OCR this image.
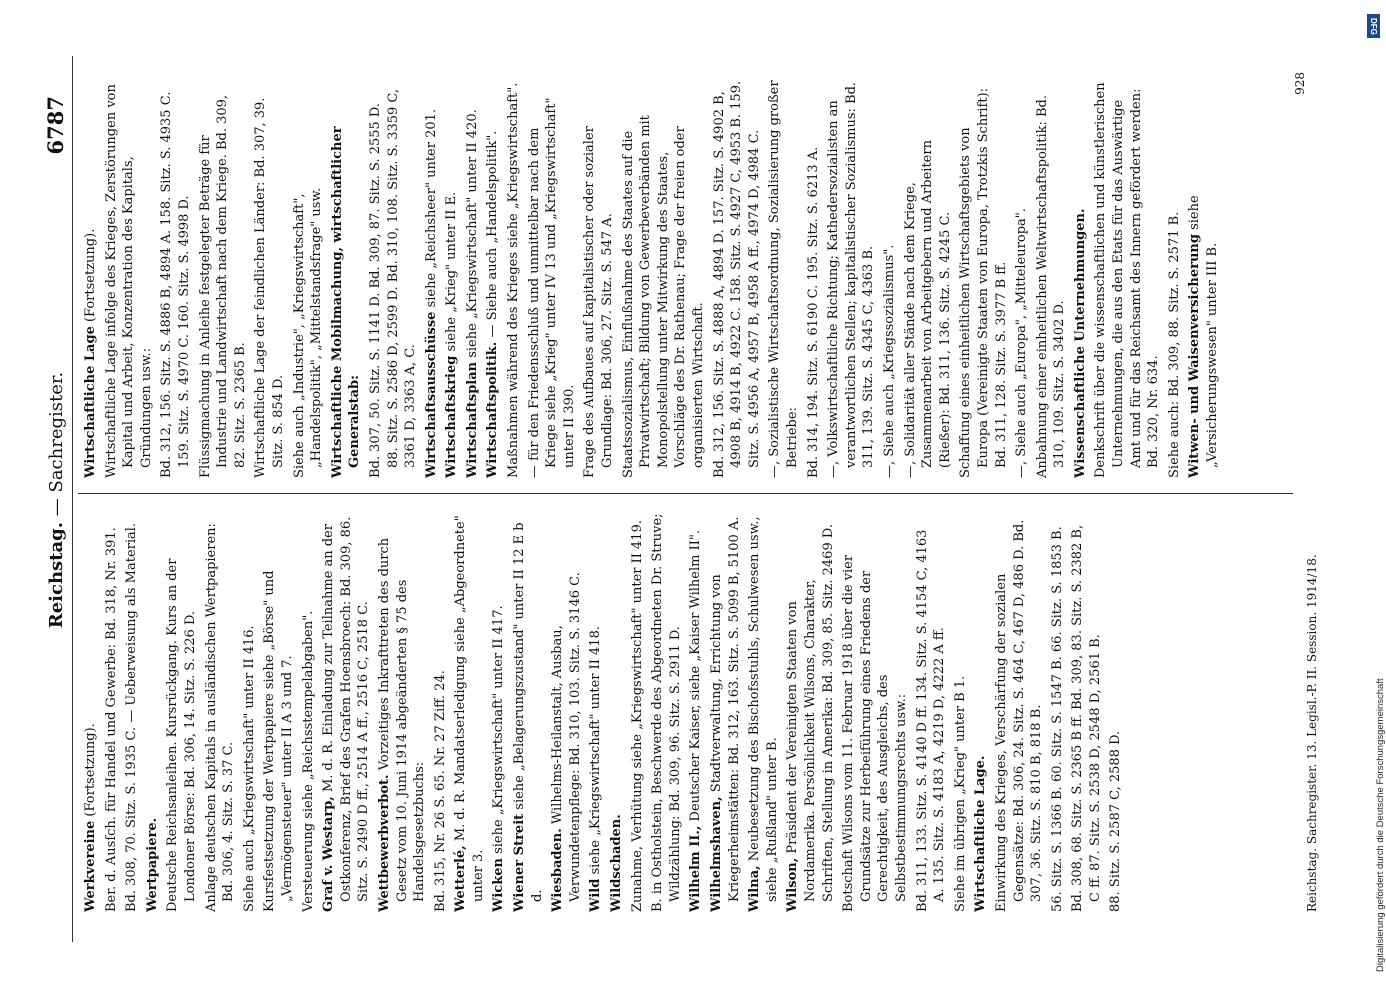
6787
Reichstag. — Sachregister.
Werkvereine (Fortsetzung). Ber. d. Ausſch. für Handel und Gewerbe: Bd. 318, Nr. 391. Bd. 308, 70. Sitz. S. 1935 C. — Ueberweisung als Material. Wertpapiere. Deutsche Reichsanleihen. Kursrückgang. Kurs an der Londoner Börse: Bd. 306, 14. Sitz. S. 226 D. Anlage deutschen Kapitals in ausländischen Wertpapieren: Bd. 306, 4. Sitz. S. 37 C. Siehe auch „Kriegswirtschaft" unter II 416. Kursfestsetzung der Wertpapiere siehe „Börse" und „Vermögensteuer" unter II A 3 und 7. Versteuerung siehe „Reichsstempelabgaben". Graf v. Westarp, M. d. R. Einladung zur Teilnahme an der Ostkonferenz, Brief des Grafen Hoensbroech: Bd. 309, 86. Sitz. S. 2490 D ff., 2514 A ff., 2516 C, 2518 C. Wettbewerbverbot. Vorzeitiges Inkrafttreten des durch Gesetz vom 10. Juni 1914 abgeänderten § 75 des Handelsgesetzbuchs: Bd. 315, Nr. 26 S. 65. Nr. 27 Ziff. 24. Wetterlé, M. d. R. Mandatserledigung siehe „Abgeordnete" unter 3. Wicken siehe „Kriegswirtschaft" unter II 417.
Wiener Streit siehe „Belagerungszustand" unter II 12 E b d. Wiesbaden. Wilhelms-Heilanstalt, Ausbau, Verwundetenpflege: Bd. 310, 103. Sitz. S. 3146 C. Wild siehe „Kriegswirtschaft" unter II 418. Wildschaden. Zunahme, Verhütung siehe „Kriegswirtschaft" unter II 419. B. in Ostholstein, Beschwerde des Abgeordneten Dr. Struve; Wildzählung: Bd. 309, 96. Sitz. S. 2911 D. Wilhelm II., Deutscher Kaiser, siehe „Kaiser Wilhelm II".
Wilhelmshaven, Stadtverwaltung, Errichtung von Kriegerheimstätten: Bd. 312, 163. Sitz. S. 5099 B, 5100 A. Wilna, Neubesetzung des Bischofsstuhls, Schulwesen usw., siehe „Rußland" unter B. Wilson, Präsident der Vereinigten Staaten von Nordamerika. Persönlichkeit Wilsons, Charakter, Schriften, Stellung in Amerika: Bd. 309, 85. Sitz. 2469 D. Botschaft Wilsons vom 11. Februar 1918 über die vier Grundsätze zur Herbeiführung eines Friedens der Gerechtigkeit, des Ausgleichs, des Selbstbestimmungsrechts usw.: Bd. 311, 133. Sitz. S. 4140 D ff. 134. Sitz. S. 4154 C, 4163 A. 135. Sitz. S. 4183 A, 4219 D, 4222 A ff. Siehe im übrigen „Krieg" unter B 1. Wirtschaftliche Lage. Einwirkung des Krieges, Verschärfung der sozialen Gegensätze: Bd. 306, 24. Sitz. S. 464 C, 467 D, 486 D. Bd. 307, 36. Sitz. S. 810 B, 818 B. 56. Sitz. S. 1366 B. 60. Sitz. S. 1547 B. 66. Sitz. S. 1853 B. Bd. 308, 68. Sitz. S. 2365 B ff. Bd. 309, 83. Sitz. S. 2382 B, C ff. 87. Sitz. S. 2538 D, 2548 D, 2561 B. 88. Sitz. S. 2587 C, 2588 D.
Wirtschaftliche Lage (Fortsetzung). Wirtschaftliche Lage infolge des Krieges, Zerstörungen von Kapital und Arbeit, Konzentration des Kapitals, Gründungen usw.: Bd. 312, 156. Sitz. S. 4886 B, 4894 A. 158. Sitz. S. 4935 C. 159. Sitz. S. 4970 C. 160. Sitz. S. 4998 D. Flüssigmachung in Anleihe festgelegter Beträge für Industrie und Landwirtschaft nach dem Kriege. Bd. 309, 82. Sitz. S. 2365 B. Wirtschaftliche Lage der feindlichen Länder: Bd. 307, 39. Sitz. S. 854 D. Siehe auch „Industrie", „Kriegswirtschaft", „Handelspolitik", „Mittelstandsfrage" usw. Wirtschaftliche Mobilmachung, wirtschaftlicher Generalstab: Bd. 307, 50. Sitz. S. 1141 D. Bd. 309, 87. Sitz. S. 2555 D. 88. Sitz. S. 2586 D, 2599 D. Bd. 310, 108. Sitz. S. 3359 C, 3361 D, 3363 A, C. Wirtschaftsausschüsse siehe „Reichsheer" unter 201.
Wirtschaftskrieg siehe „Krieg" unter II E.
Wirtschaftsplan siehe „Kriegswirtschaft" unter II 420.
Wirtschaftspolitik. — Siehe auch „Handelspolitik". Maßnahmen während des Krieges siehe „Kriegswirtschaft". — für den Friedensschluß und unmittelbar nach dem Kriege siehe „Krieg" unter IV 13 und „Kriegswirtschaft" unter II 390. Frage des Aufbaues auf kapitalistischer oder sozialer Grundlage: Bd. 306, 27. Sitz. S. 547 A. Staatssozialismus, Einflußnahme des Staates auf die Privatwirtschaft; Bildung von Gewerbeverbänden mit Monopolstellung unter Mitwirkung des Staates, Vorschläge des Dr. Rathenau; Frage der freien oder organisierten Wirtschaft. Bd. 312, 156. Sitz. S. 4888 A, 4894 D. 157. Sitz. S. 4902 B, 4908 B, 4914 B, 4922 C. 158. Sitz. S. 4927 C, 4953 B. 159. Sitz. S. 4956 A, 4957 B, 4958 A ff., 4974 D, 4984 C. —, Sozialistische Wirtschaftsordnung, Sozialisierung großer Betriebe: Bd. 314, 194. Sitz. S. 6190 C. 195. Sitz. S. 6213 A. —, Volkswirtschaftliche Richtung; Kathedersozialisten an verantwortlichen Stellen; kapitalistischer Sozialismus: Bd. 311, 139. Sitz. S. 4345 C, 4363 B. —, Siehe auch „Kriegssozialismus". —, Solidarität aller Stände nach dem Kriege, Zusammenarbeit von Arbeitgebern und Arbeitern (Rießer): Bd. 311, 136. Sitz. S. 4245 C. Schaffung eines einheitlichen Wirtschaftsgebiets von Europa (Vereinigte Staaten von Europa, Trotzkis Schrift): Bd. 311, 128. Sitz. S. 3977 B ff. —, Siehe auch „Europa", „Mitteleuropa". Anbahnung einer einheitlichen Weltwirtschaftspolitik: Bd. 310, 109. Sitz. S. 3402 D. Wissenschaftliche Unternehmungen. Denkschrift über die wissenschaftlichen und künstlerischen Unternehmungen, die aus den Etats für das Auswärtige Amt und für das Reichsamt des Innern gefördert werden: Bd. 320, Nr. 634. Siehe auch: Bd. 309, 88. Sitz. S. 2571 B. Witwen- und Waisenversicherung siehe „Versicherungswesen" unter III B.
Reichstag. Sachregister. 13. Legisl.-P. II. Session. 1914/18.
928
DFG
Digitalisierung gefördert durch die Deutsche Forschungsgemeinschaft
